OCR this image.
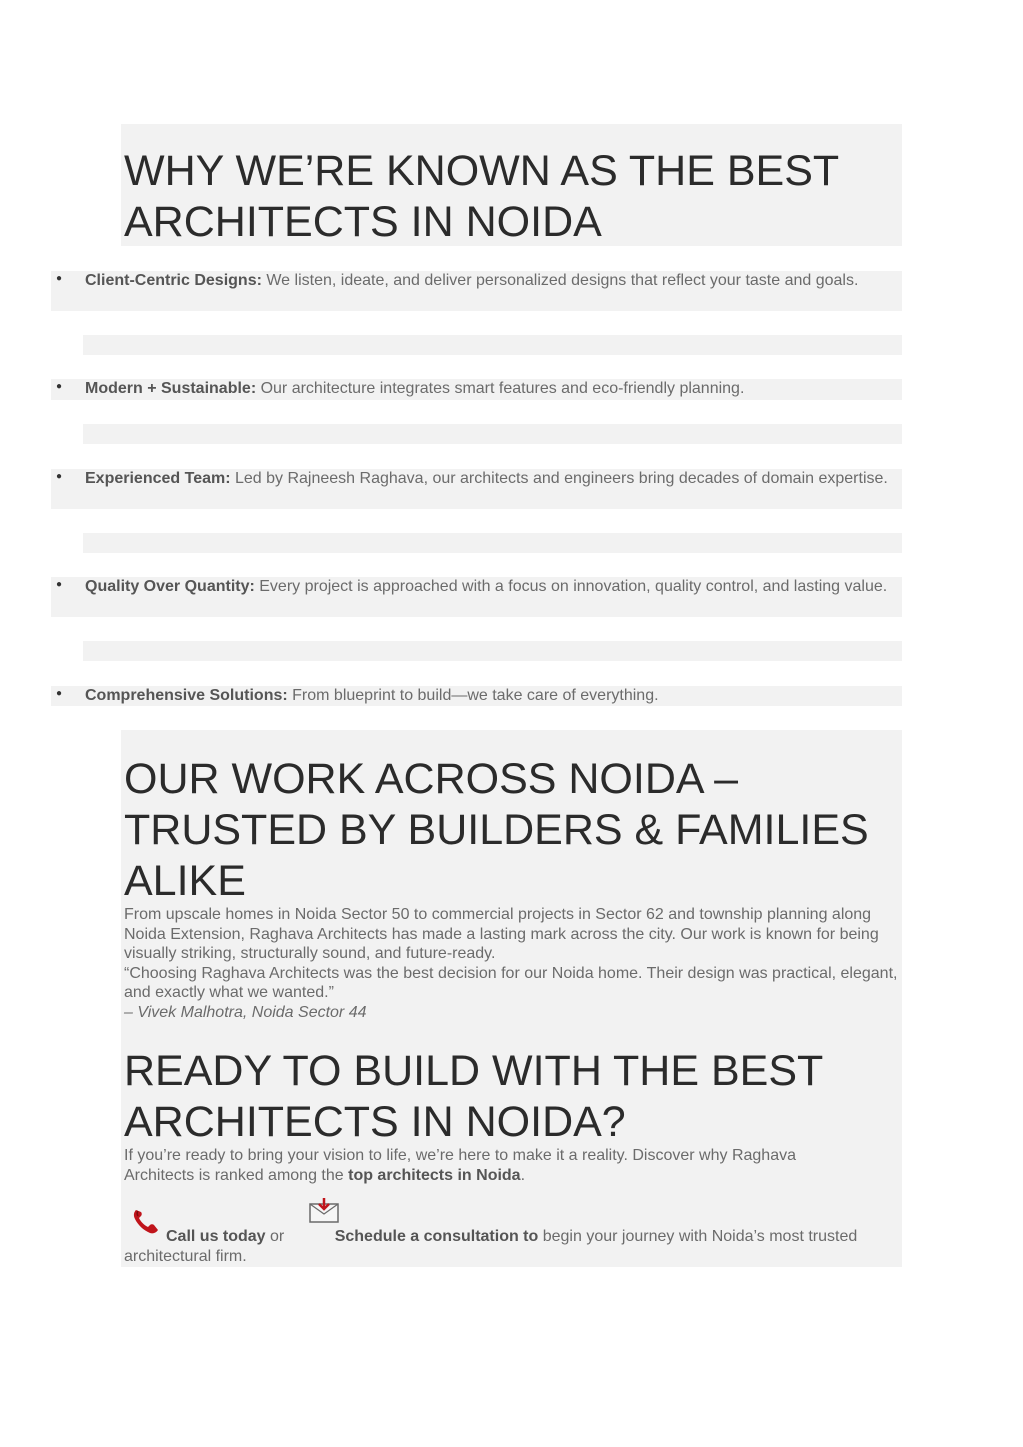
WHY WE’RE KNOWN AS THE BEST
ARCHITECTS IN NOIDA
● Client-Centric Designs: We listen, ideate, and deliver personalized designs that reflect your taste and goals.
● Modern + Sustainable: Our architecture integrates smart features and eco-friendly planning.
● Experienced Team: Led by Rajneesh Raghava, our architects and engineers bring decades of domain expertise.
● Quality Over Quantity: Every project is approached with a focus on innovation, quality control, and lasting value.
● Comprehensive Solutions: From blueprint to build—we take care of everything.
OUR WORK ACROSS NOIDA –
TRUSTED BY BUILDERS & FAMILIES
ALIKE

From upscale homes in Noida Sector 50 to commercial projects in Sector 62 and township planning along Noida Extension, Raghava Architects has made a lasting mark across the city. Our work is known for being visually striking, structurally sound, and future-ready.

“Choosing Raghava Architects was the best decision for our Noida home. Their design was practical, elegant, and exactly what we wanted.”

– Vivek Malhotra, Noida Sector 44

READY TO BUILD WITH THE BEST
ARCHITECTS IN NOIDA?

If you’re ready to bring your vision to life, we’re here to make it a reality. Discover why Raghava Architects is ranked among the top architects in Noida.

Call us today or	Schedule a consultation to begin your journey with Noida’s most trusted architectural firm.
